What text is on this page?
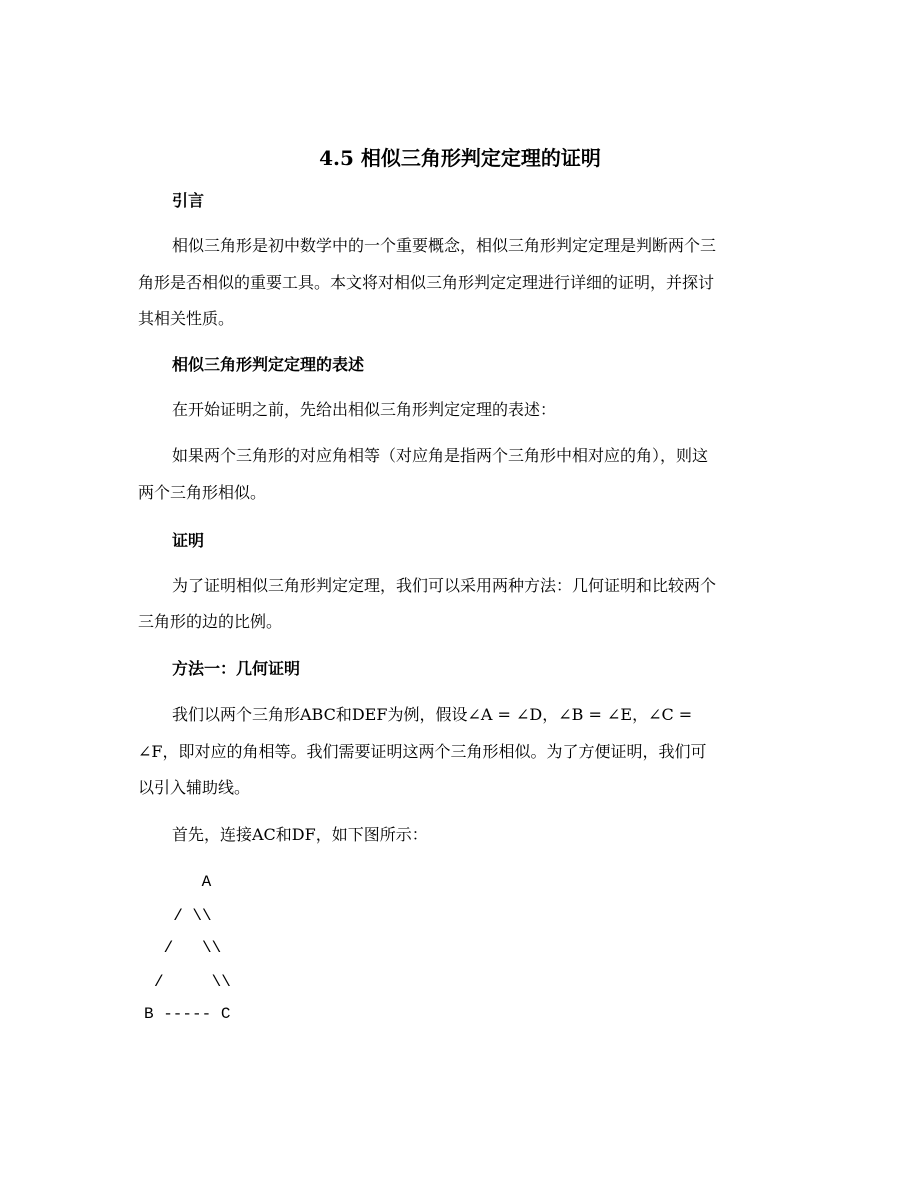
4.5 相似三角形判定定理的证明
引言
相似三角形是初中数学中的一个重要概念，相似三角形判定定理是判断两个三
角形是否相似的重要工具。本文将对相似三角形判定定理进行详细的证明，并探讨
其相关性质。
相似三角形判定定理的表述
在开始证明之前，先给出相似三角形判定定理的表述：
如果两个三角形的对应角相等（对应角是指两个三角形中相对应的角），则这
两个三角形相似。
证明
为了证明相似三角形判定定理，我们可以采用两种方法：几何证明和比较两个
三角形的边的比例。
方法一：几何证明
我们以两个三角形ABC和DEF为例，假设∠A = ∠D，∠B = ∠E，∠C =
∠F，即对应的角相等。我们需要证明这两个三角形相似。为了方便证明，我们可
以引入辅助线。
首先，连接AC和DF，如下图所示：
A
/ \\
/   \\
/     \\
B ----- C
